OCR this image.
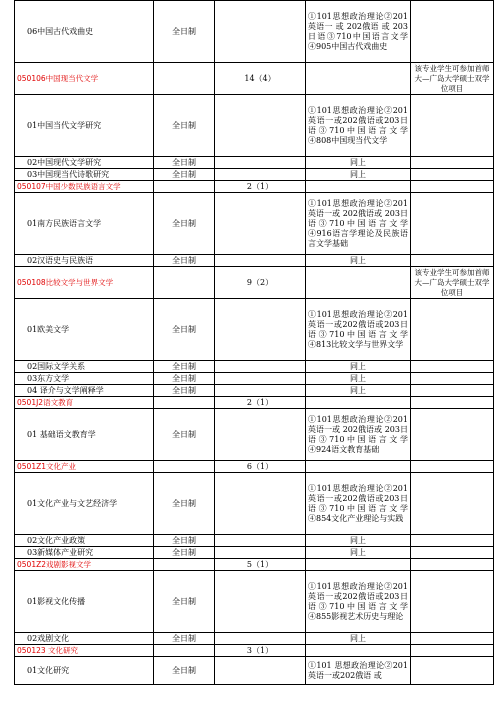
06中国古代戏曲史	全日制		①101思想政治理论②201英语一 或 202俄语 或 203日语③710中国语言文学④905中国古代戏曲史	

050106中国现当代文学		14（4）		该专业学生可参加首师大—广岛大学硕士双学位项目

01中国当代文学研究	全日制		①101思想政治理论②201英语一或202俄语或203日语③710中国语言文学④808中国现当代文学	

02中国现代文学研究	全日制		同上	

03中国现当代诗歌研究	全日制		同上	

050107中国少数民族语言文学		2（1）		

01南方民族语言文学	全日制		①101思想政治理论②201英语一或 202俄语或 203日语③710中国语言文学④916语言学理论及民族语言文学基础	

02汉语史与民族语	全日制		同上	

050108比较文学与世界文学		9（2）		该专业学生可参加首师大—广岛大学硕士双学位项目

01欧美文学	全日制		①101思想政治理论②201英语一或202俄语或203日语③710中国语言文学④813比较文学与世界文学	

02国际文学关系	全日制		同上	

03东方文学	全日制		同上	

04 译介与文学阐释学	全日制		同上	

0501J2语文教育		2（1）		

01 基础语文教育学	全日制		①101思想政治理论②201英语一或 202俄语或 203日语③710中国语言文学④924语文教育基础	

0501Z1文化产业		6（1）		

01文化产业与文艺经济学	全日制		①101思想政治理论②201英语一或202俄语或203日语③710中国语言文学④854文化产业理论与实践	

02文化产业政策	全日制		同上	

03新媒体产业研究	全日制		同上	

0501Z2戏剧影视文学		5（1）		

01影视文化传播	全日制		①101思想政治理论②201英语一或202俄语或203日语③710中国语言文学④855影视艺术历史与理论	

02戏剧文化	全日制		同上	

050123 文化研究		3（1）		

01文化研究	全日制		①101 思想政治理论②201英语一或202俄语 或	
